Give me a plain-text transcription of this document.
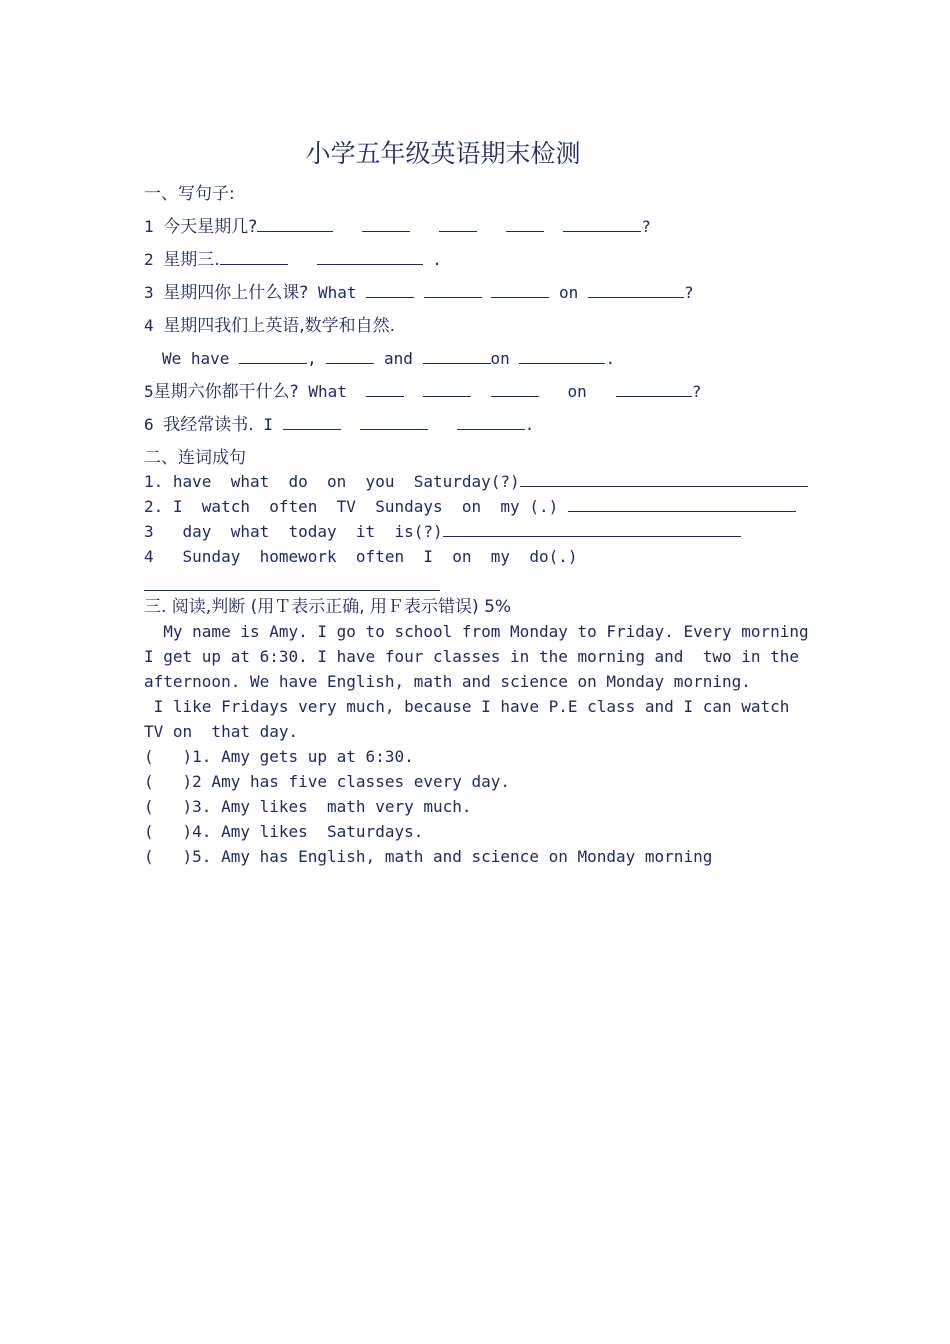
小学五年级英语期末检测
一、写句子:
1 今天星期几?	?
2 星期三.	.
3 星期四你上什么课? What	on	?
4 星期四我们上英语,数学和自然.
We have	,	and	on	.
5星期六你都干什么? What	on	?
6 我经常读书. I	.
二、连词成句
1. have  what  do  on  you  Saturday(?)
2. I  watch  often  TV  Sundays  on  my (.)
3   day  what  today  it  is(?)
4   Sunday  homework  often  I  on  my  do(.)
三. 阅读,判断 (用Ｔ表示正确, 用Ｆ表示错误) 5%
My name is Amy. I go to school from Monday to Friday. Every morning
I get up at 6:30. I have four classes in the morning and  two in the
afternoon. We have English, math and science on Monday morning.
I like Fridays very much, because I have P.E class and I can watch
TV on  that day.
(   )1. Amy gets up at 6:30.
(   )2 Amy has five classes every day.
(   )3. Amy likes  math very much.
(   )4. Amy likes  Saturdays.
(   )5. Amy has English, math and science on Monday morning
